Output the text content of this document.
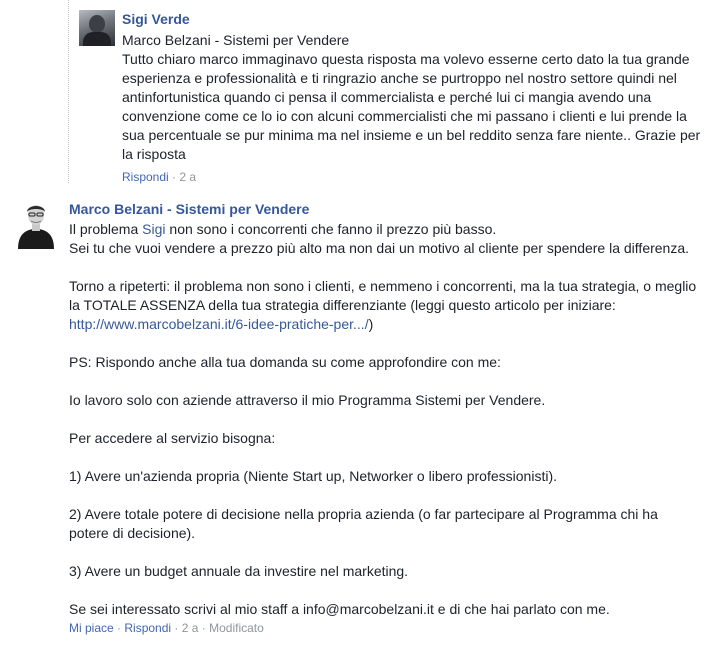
Sigi Verde
Marco Belzani - Sistemi per Vendere
Tutto chiaro marco immaginavo questa risposta ma volevo esserne certo dato la tua grande esperienza e professionalità e ti ringrazio anche se purtroppo nel nostro settore quindi nel antinfortunistica quando ci pensa il commercialista e perché lui ci mangia avendo una convenzione come ce lo io con alcuni commercialisti che mi passano i clienti e lui prende la sua percentuale se pur minima ma nel insieme e un bel reddito senza fare niente.. Grazie per la risposta
Rispondi · 2 a
Marco Belzani - Sistemi per Vendere
Il problema Sigi non sono i concorrenti che fanno il prezzo più basso.
Sei tu che vuoi vendere a prezzo più alto ma non dai un motivo al cliente per spendere la differenza.

Torno a ripeterti: il problema non sono i clienti, e nemmeno i concorrenti, ma la tua strategia, o meglio la TOTALE ASSENZA della tua strategia differenziante (leggi questo articolo per iniziare: http://www.marcobelzani.it/6-idee-pratiche-per.../)

PS: Rispondo anche alla tua domanda su come approfondire con me:

Io lavoro solo con aziende attraverso il mio Programma Sistemi per Vendere.

Per accedere al servizio bisogna:

1) Avere un'azienda propria (Niente Start up, Networker o libero professionisti).

2) Avere totale potere di decisione nella propria azienda (o far partecipare al Programma chi ha potere di decisione).

3) Avere un budget annuale da investire nel marketing.

Se sei interessato scrivi al mio staff a info@marcobelzani.it e di che hai parlato con me.
Mi piace · Rispondi · 2 a · Modificato
